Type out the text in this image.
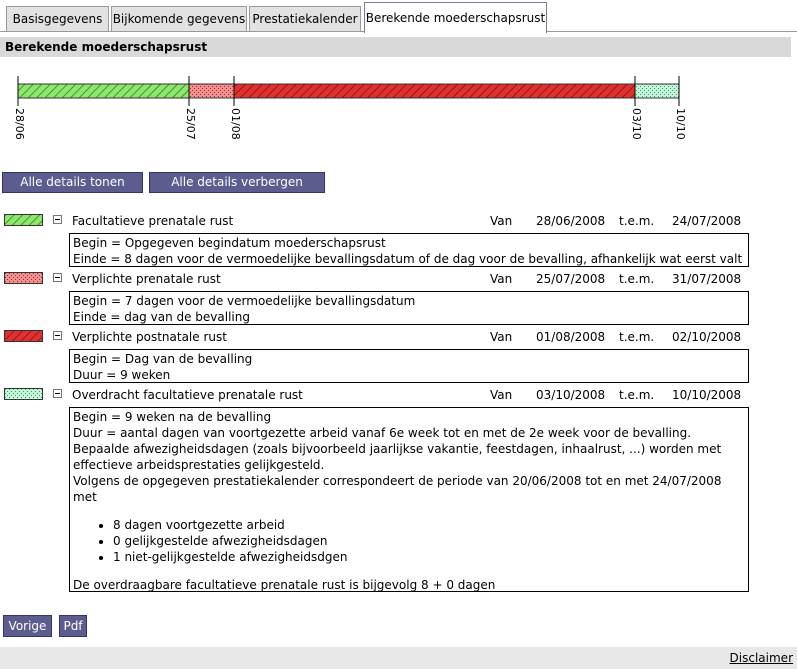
Basisgegevens Bijkomende gegevens Prestatiekalender Berekende moederschapsrust
Berekende moederschapsrust
28/06	25/07	01/08	03/10	10/10
Alle details tonen	Alle details verbergen
Facultatieve prenatale rust	Van 28/06/2008 t.e.m. 24/07/2008
Begin = Opgegeven begindatum moederschapsrust
Einde = 8 dagen voor de vermoedelijke bevallingsdatum of de dag voor de bevalling, afhankelijk wat eerst valt
Verplichte prenatale rust	Van 25/07/2008 t.e.m. 31/07/2008
Begin = 7 dagen voor de vermoedelijke bevallingsdatum
Einde = dag van de bevalling
Verplichte postnatale rust	Van 01/08/2008 t.e.m. 02/10/2008
Begin = Dag van de bevalling
Duur = 9 weken
Overdracht facultatieve prenatale rust	Van 03/10/2008 t.e.m. 10/10/2008
Begin = 9 weken na de bevalling
Duur = aantal dagen van voortgezette arbeid vanaf 6e week tot en met de 2e week voor de bevalling.
Bepaalde afwezigheidsdagen (zoals bijvoorbeeld jaarlijkse vakantie, feestdagen, inhaalrust, ...) worden met effectieve arbeidsprestaties gelijkgesteld.
Volgens de opgegeven prestatiekalender correspondeert de periode van 20/06/2008 tot en met 24/07/2008 met
• 8 dagen voortgezette arbeid
• 0 gelijkgestelde afwezigheidsdagen
• 1 niet-gelijkgestelde afwezigheidsdgen
De overdraagbare facultatieve prenatale rust is bijgevolg 8 + 0 dagen
Vorige	Pdf
Disclaimer
